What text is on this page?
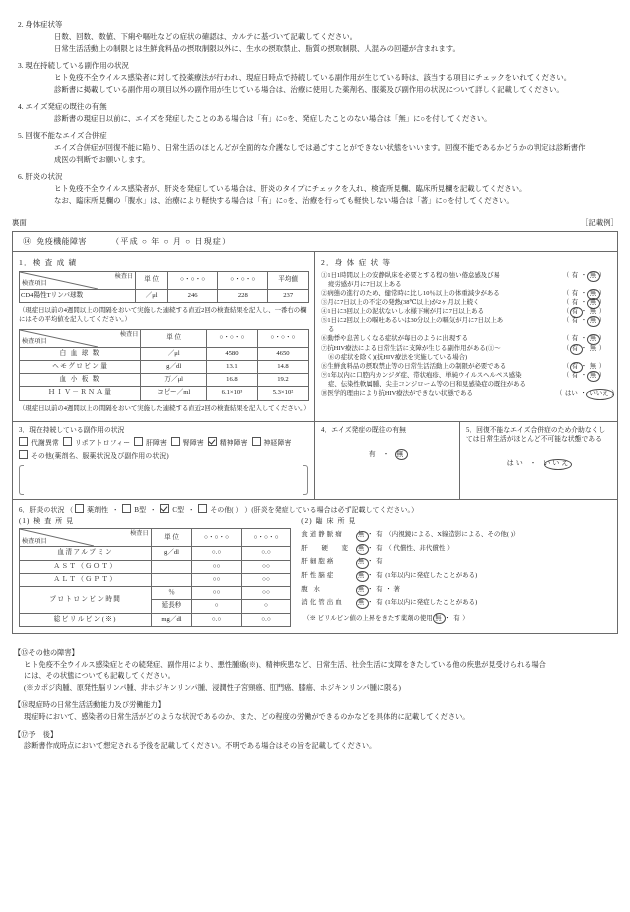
2. 身体症状等
日数、回数、数値、下痢や嘔吐などの症状の確認は、カルテに基づいて記載してください。
日常生活活動上の制限とは生鮮食料品の摂取制限以外に、生水の摂取禁止、脂質の摂取制限、人混みの回避が含まれます。
3. 現在持続している副作用の状況
ヒト免疫不全ウイルス感染者に対して投薬療法が行われ、現症日時点で持続している副作用が生じている時は、該当する項目にチェックをいれてください。
診断書に掲載している副作用の項目以外の副作用が生じている場合は、治療に使用した薬剤名、服薬及び副作用の状況について詳しく記載してください。
4. エイズ発症の既往の有無
診断書の現症日以前に、エイズを発症したことのある場合は「有」に○を、発症したことのない場合は「無」に○を付してください。
5. 回復不能なエイズ合併症
エイズ合併症が回復不能に陥り、日常生活のほとんどが全面的な介護なしでは過ごすことができない状態をいいます。回復不能であるかどうかの判定は診断書作
成医の判断でお願いします。
6. 肝炎の状況
ヒト免疫不全ウイルス感染者が、肝炎を発症している場合は、肝炎のタイプにチェックを入れ、検査所見欄、臨床所見欄を記載してください。
なお、臨床所見欄の「腹水」は、治療により軽快する場合は「有」に○を、治療を行っても軽快しない場合は「著」に○を付してください。
裏面	［記載例］
⑭ 免疫機能障害	（平成 ○ 年 ○ 月 ○ 日現症）
1．検 査 成 績
検査日
検査項目	単 位	○・○・○	○・○・○	平均値
CD4陽性Tリンパ球数	／μl	246	228	237
（現症日以前の4週間以上の間隔をおいて実施した連続する直近2回の検査結果を記入し、一番右の欄にはその平均値を記入してください。）
検査日
検査項目	単 位	○・○・○	○・○・○
白 血 球 数	／μl	4580	4650
ヘモグロビン量	g／dl	13.1	14.8
血 小 板 数	万／μl	16.8	19.2
ＨＩＶ－ＲＮＡ量	コピー／ml	6.1×10³	5.3×10²
（現症日以前の4週間以上の間隔をおいて実施した連続する直近2回の検査結果を記入してください。）
2．身 体 症 状 等
①1日1時間以上の安静臥床を必要とする程の強い倦怠感及び易	（ 有 ・ 無 ）
疲労感が月に7日以上ある
②病態の進行のため、健常時に比し10％以上の体重減少がある	（ 有 ・ 無 ）
③月に7日以上の不定の発熱(38℃以上)が2ヶ月以上続く	（ 有 ・ 無 ）
④1日に3回以上の泥状ないし水様下痢が月に7日以上ある	（ 有 ・ 無 ）
⑤1日に2回以上の嘔吐あるいは30分以上の嘔気が月に7日以上あ	（ 有 ・ 無 ）
る
⑥動悸や息苦しくなる症状が毎日のように出現する	（ 有 ・ 無 ）
⑦抗HIV療法による日常生活に支障が生じる副作用がある(①～	（ 有 ・ 無 ）
⑥の症状を除く)(抗HIV療法を実施している場合)
⑧生鮮食料品の摂取禁止等の日常生活活動上の制限が必要である	（ 有 ・ 無 ）
⑨1年以内に口腔内カンジダ症、帯状疱疹、単純ウイルスヘルペス感染	（ 有 ・ 無 ）
症、伝染性軟属腫、尖圭コンジローム等の日和見感染症の既往がある
⑩医学的理由により抗HIV療法ができない状態である	（ はい ・ いいえ ）
3．現在持続している副作用の状況
代謝異常 リポアトロフィー 肝障害 腎障害 精神障害 神経障害
その他(薬剤名、服薬状況及び副作用の状況)
4．エイズ発症の既往の有無
有 ・ 無
5．回復不能なエイズ合併症のため介助なくしては日常生活がほとんど不可能な状態である
はい ・ いいえ
6．肝炎の状況 （ 薬剤性  ・  B型  ・  C型  ・  その他( ） ）(肝炎を発症している場合は必ず記載してください。）
(1) 検 査 所 見
検査日
検査項目	単 位	○・○・○	○・○・○
血清アルブミン	g／dl	○.○	○.○
ＡＳＴ（ＧＯＴ）		○○	○○
ＡＬＴ（ＧＰＴ）		○○	○○
プロトロンビン時間	％	○○	○○
	延長秒	○	○
総ビリルビン(※)	mg／dl	○.○	○.○
(2) 臨 床 所 見
食道静脈瘤 無 ・ 有 （内視鏡による、X線造影による、その他( )）
肝 硬 変 無 ・ 有 （ 代償性、非代償性 ）
肝細胞癌	無 ・ 有
肝性脳症	無 ・ 有 (1年以内に発症したことがある)
腹 水	無 ・ 有 ・ 著
消化管出血 無 ・ 有 (1年以内に発症したことがある)
（※ ビリルビン値の上昇をきたす薬剤の使用 無 ・ 有 ）

【⑮その他の障害】

ヒト免疫不全ウイルス感染症とその続発症、副作用により、悪性腫瘍(※)、精神疾患など、日常生活、社会生活に支障をきたしている他の疾患が見受けられる場合

には、その状態についても記載してください。

(※カポジ肉腫、原発性脳リンパ腫、非ホジキンリンパ腫、浸潤性子宮頸癌、肛門癌、膝癌、ホジキンリンパ腫に限る)

【⑯現症時の日常生活活動能力及び労働能力】

現症時において、感染者の日常生活がどのような状況であるのか、また、どの程度の労働ができるのかなどを具体的に記載してください。

【⑰予　後】

診断書作成時点において想定される予後を記載してください。不明である場合はその旨を記載してください。
